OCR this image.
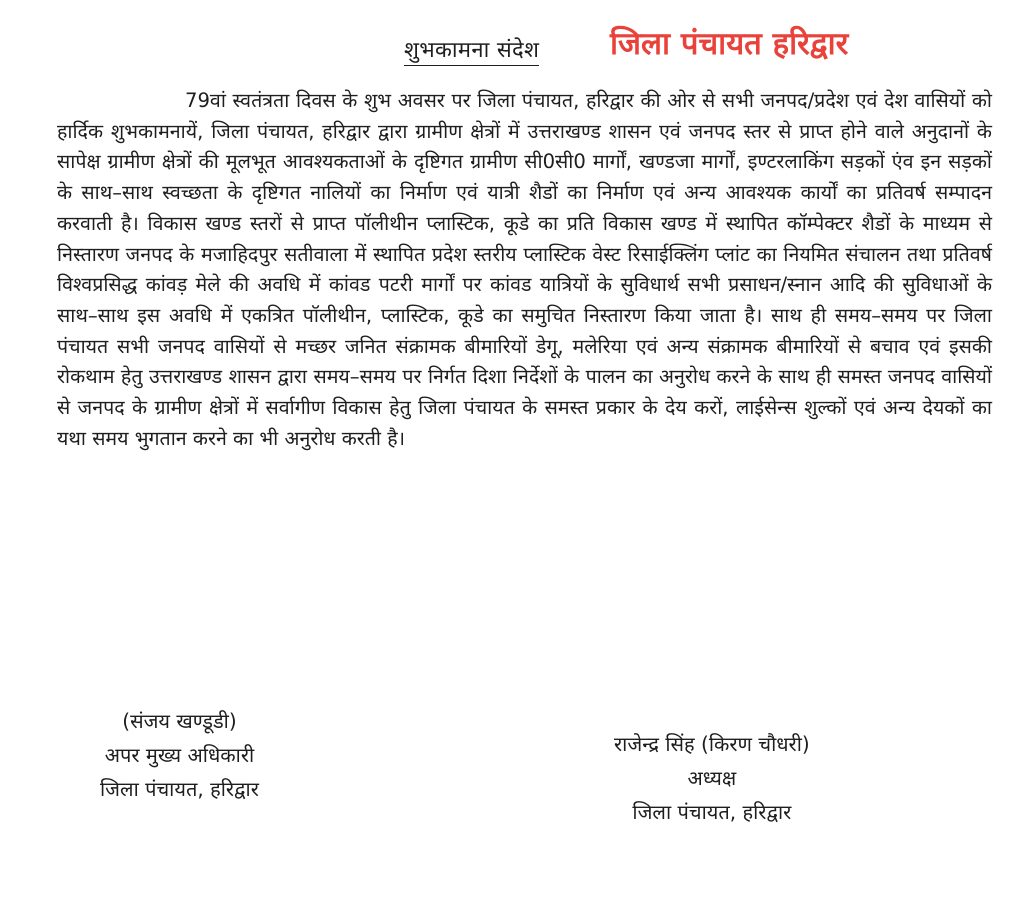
शुभकामना संदेश जिला पंचायत हरिद्वार

79वां स्वतंत्रता दिवस के शुभ अवसर पर जिला पंचायत, हरिद्वार की ओर से सभी जनपद/प्रदेश एवं देश वासियों को हार्दिक शुभकामनायें, जिला पंचायत, हरिद्वार द्वारा ग्रामीण क्षेत्रों में उत्तराखण्ड शासन एवं जनपद स्तर से प्राप्त होने वाले अनुदानों के सापेक्ष ग्रामीण क्षेत्रों की मूलभूत आवश्यकताओं के दृष्टिगत ग्रामीण सी0सी0 मार्गों, खण्डजा मार्गों, इण्टरलाकिंग सड़कों एंव इन सड़कों के साथ–साथ स्वच्छता के दृष्टिगत नालियों का निर्माण एवं यात्री शैडों का निर्माण एवं अन्य आवश्यक कार्यों का प्रतिवर्ष सम्पादन करवाती है। विकास खण्ड स्तरों से प्राप्त पॉलीथीन प्लास्टिक, कूडे का प्रति विकास खण्ड में स्थापित कॉम्पेक्टर शैडों के माध्यम से निस्तारण जनपद के मजाहिदपुर सतीवाला में स्थापित प्रदेश स्तरीय प्लास्टिक वेस्ट रिसाईक्लिंग प्लांट का नियमित संचालन तथा प्रतिवर्ष विश्वप्रसिद्ध कांवड़ मेले की अवधि में कांवड पटरी मार्गों पर कांवड यात्रियों के सुविधार्थ सभी प्रसाधन/स्नान आदि की सुविधाओं के साथ–साथ इस अवधि में एकत्रित पॉलीथीन, प्लास्टिक, कूडे का समुचित निस्तारण किया जाता है। साथ ही समय–समय पर जिला पंचायत सभी जनपद वासियों से मच्छर जनित संक्रामक बीमारियों डेगू, मलेरिया एवं अन्य संक्रामक बीमारियों से बचाव एवं इसकी रोकथाम हेतु उत्तराखण्ड शासन द्वारा समय–समय पर निर्गत दिशा निर्देशों के पालन का अनुरोध करने के साथ ही समस्त जनपद वासियों से जनपद के ग्रामीण क्षेत्रों में सर्वागीण विकास हेतु जिला पंचायत के समस्त प्रकार के देय करों, लाईसेन्स शुल्कों एवं अन्य देयकों का यथा समय भुगतान करने का भी अनुरोध करती है।

(संजय खण्डूडी)
अपर मुख्य अधिकारी
जिला पंचायत, हरिद्वार
राजेन्द्र सिंह (किरण चौधरी)
अध्यक्ष
जिला पंचायत, हरिद्वार
